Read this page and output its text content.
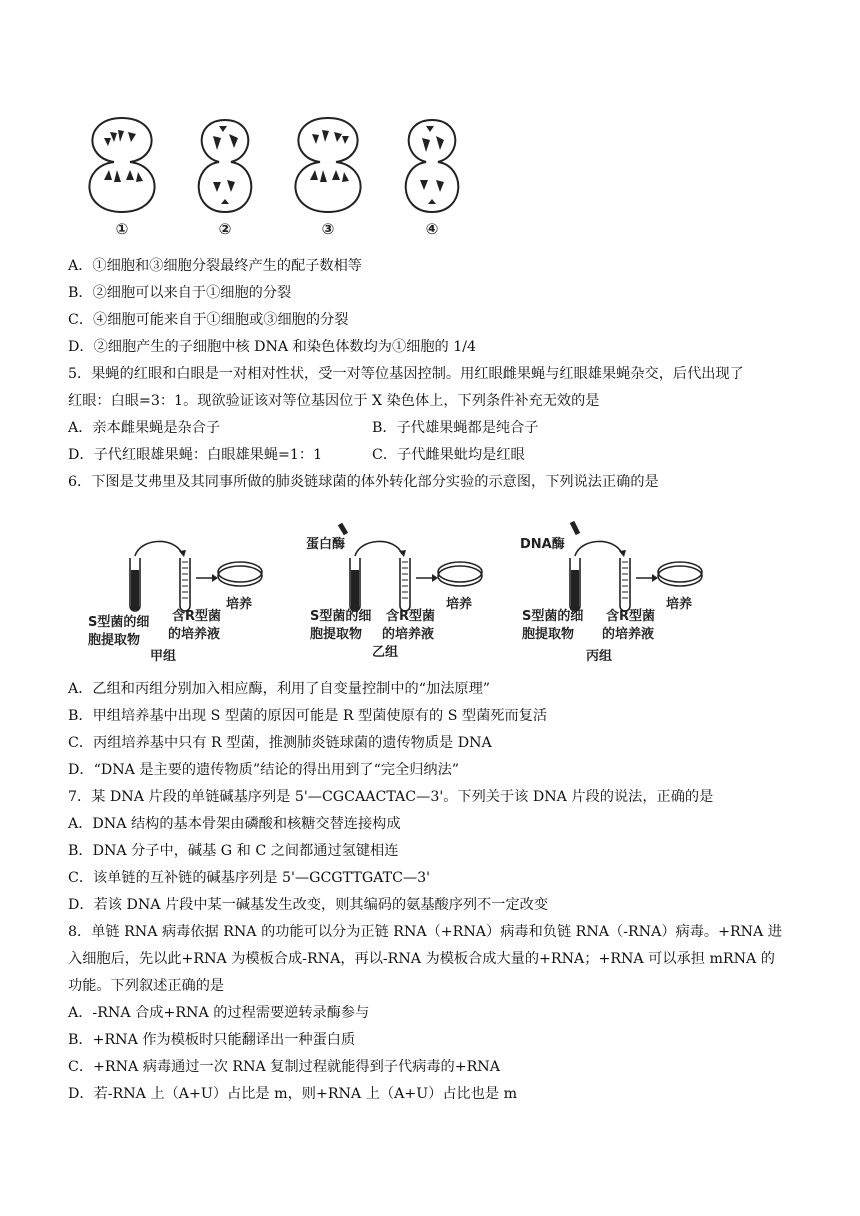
①	②	③	④
A．①细胞和③细胞分裂最终产生的配子数相等
B．②细胞可以来自于①细胞的分裂
C．④细胞可能来自于①细胞或③细胞的分裂
D．②细胞产生的子细胞中核 DNA 和染色体数均为①细胞的 1/4
5．果蝇的红眼和白眼是一对相对性状，受一对等位基因控制。用红眼雌果蝇与红眼雄果蝇杂交，后代出现了
红眼：白眼=3：1。现欲验证该对等位基因位于 X 染色体上，下列条件补充无效的是
A．亲本雌果蝇是杂合子	B．子代雄果蝇都是纯合子
D．子代红眼雄果蝇：白眼雄果蝇=1：1	C．子代雌果蚍均是红眼
6．下图是艾弗里及其同事所做的肺炎链球菌的体外转化部分实验的示意图，下列说法正确的是
S型菌的细
胞提取物
含R型菌
的培养液
培养
甲组
蛋白酶
S型菌的细
胞提取物
含R型菌
的培养液
培养
乙组
DNA酶
S型菌的细
胞提取物
含R型菌
的培养液
培养
丙组
A．乙组和丙组分别加入相应酶，利用了自变量控制中的“加法原理”
B．甲组培养基中出现 S 型菌的原因可能是 R 型菌使原有的 S 型菌死而复活
C．丙组培养基中只有 R 型菌，推测肺炎链球菌的遗传物质是 DNA
D．“DNA 是主要的遗传物质”结论的得出用到了“完全归纳法”
7．某 DNA 片段的单链碱基序列是 5'—CGCAACTAC—3'。下列关于该 DNA 片段的说法，正确的是
A．DNA 结构的基本骨架由磷酸和核糖交替连接构成
B．DNA 分子中，碱基 G 和 C 之间都通过氢键相连
C．该单链的互补链的碱基序列是 5'—GCGTTGATC—3'
D．若该 DNA 片段中某一碱基发生改变，则其编码的氨基酸序列不一定改变
8．单链 RNA 病毒依据 RNA 的功能可以分为正链 RNA（+RNA）病毒和负链 RNA（-RNA）病毒。+RNA 进
入细胞后，先以此+RNA 为模板合成-RNA，再以-RNA 为模板合成大量的+RNA；+RNA 可以承担 mRNA 的
功能。下列叙述正确的是
A．-RNA 合成+RNA 的过程需要逆转录酶参与
B．+RNA 作为模板时只能翻译出一种蛋白质
C．+RNA 病毒通过一次 RNA 复制过程就能得到子代病毒的+RNA
D．若-RNA 上（A+U）占比是 m，则+RNA 上（A+U）占比也是 m
